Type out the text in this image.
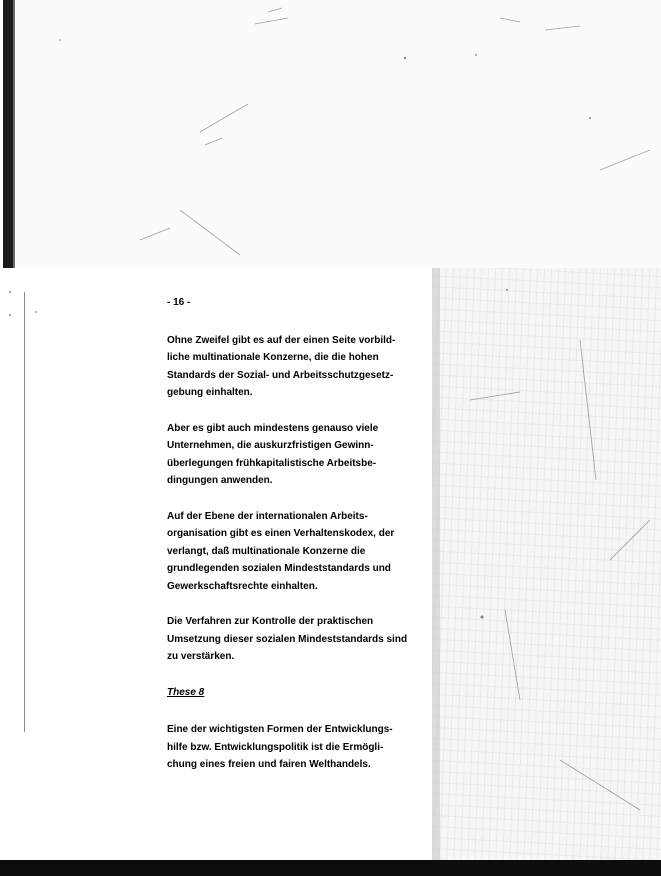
- 16 -
Ohne Zweifel gibt es auf der einen Seite vorbild-
liche multinationale Konzerne, die die hohen
Standards der Sozial- und Arbeitsschutzgesetz-
gebung einhalten.
Aber es gibt auch mindestens genauso viele
Unternehmen, die auskurzfristigen Gewinn-
überlegungen frühkapitalistische Arbeitsbe-
dingungen anwenden.
Auf der Ebene der internationalen Arbeits-
organisation gibt es einen Verhaltenskodex, der
verlangt, daß multinationale Konzerne die
grundlegenden sozialen Mindeststandards und
Gewerkschaftsrechte einhalten.
Die Verfahren zur Kontrolle der praktischen
Umsetzung dieser sozialen Mindeststandards sind
zu verstärken.
These 8
Eine der wichtigsten Formen der Entwicklungs-
hilfe bzw. Entwicklungspolitik ist die Ermögli-
chung eines freien und fairen Welthandels.
